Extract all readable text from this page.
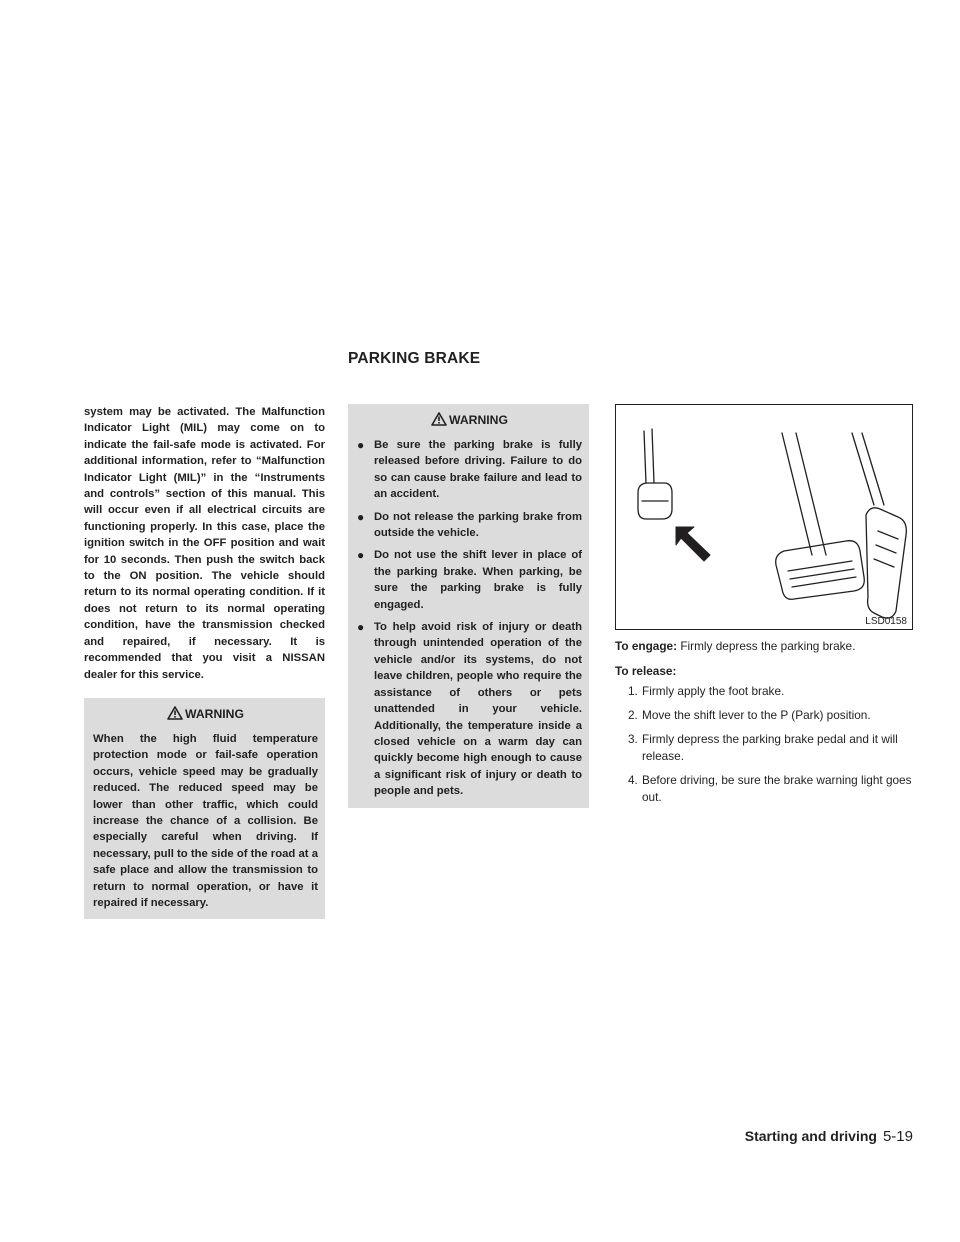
PARKING BRAKE

system may be activated. The Malfunction Indicator Light (MIL) may come on to indicate the fail-safe mode is activated. For additional information, refer to “Malfunction Indicator Light (MIL)” in the “Instruments and controls” section of this manual. This will occur even if all electrical circuits are functioning properly. In this case, place the ignition switch in the OFF position and wait for 10 seconds. Then push the switch back to the ON position. The vehicle should return to its normal operating condition. If it does not return to its normal operating condition, have the transmission checked and repaired, if necessary. It is recommended that you visit a NISSAN dealer for this service.

WARNING

When the high fluid temperature protection mode or fail-safe operation occurs, vehicle speed may be gradually reduced. The reduced speed may be lower than other traffic, which could increase the chance of a collision. Be especially careful when driving. If necessary, pull to the side of the road at a safe place and allow the transmission to return to normal operation, or have it repaired if necessary.

WARNING
● Be sure the parking brake is fully released before driving. Failure to do so can cause brake failure and lead to an accident.
● Do not release the parking brake from outside the vehicle.
● Do not use the shift lever in place of the parking brake. When parking, be sure the parking brake is fully engaged.
● To help avoid risk of injury or death through unintended operation of the vehicle and/or its systems, do not leave children, people who require the assistance of others or pets unattended in your vehicle. Additionally, the temperature inside a closed vehicle on a warm day can quickly become high enough to cause a significant risk of injury or death to people and pets.
LSD0158

To engage: Firmly depress the parking brake.

To release:

1. Firmly apply the foot brake.
2. Move the shift lever to the P (Park) position.
3. Firmly depress the parking brake pedal and it will release.
4. Before driving, be sure the brake warning light goes out.
Starting and driving 5-19
